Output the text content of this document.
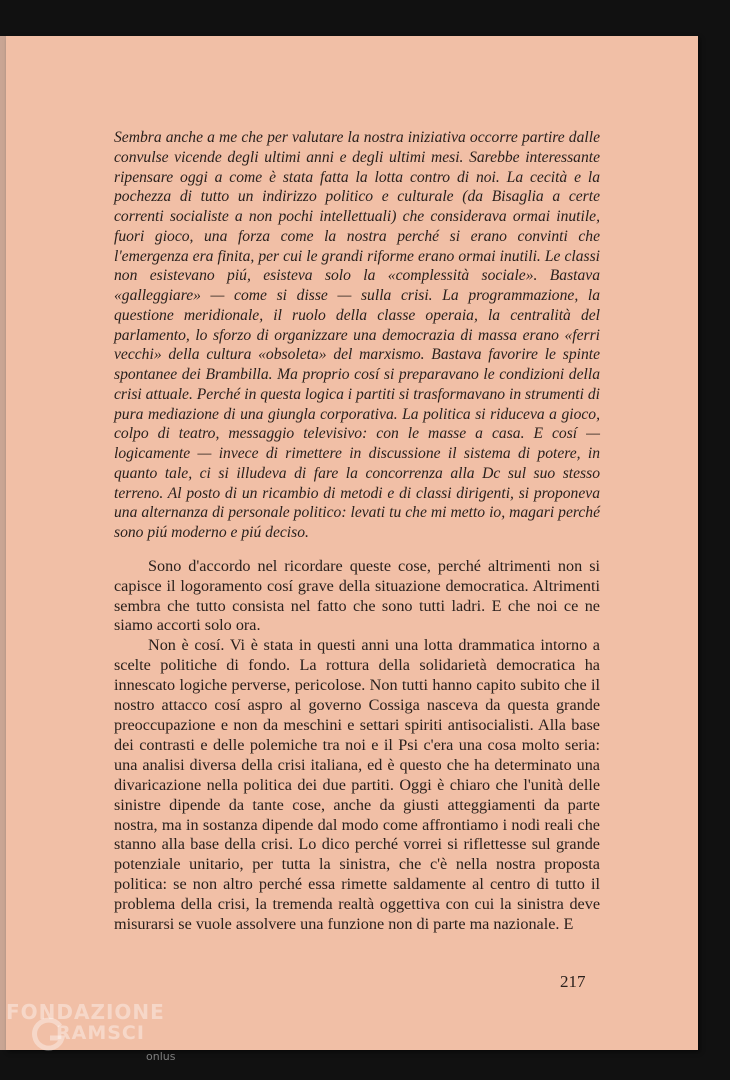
Sembra anche a me che per valutare la nostra iniziativa occorre partire dalle convulse vicende degli ultimi anni e degli ultimi mesi. Sarebbe interessante ripensare oggi a come è stata fatta la lotta contro di noi. La cecità e la pochezza di tutto un indirizzo politico e culturale (da Bisaglia a certe correnti socialiste a non pochi intellettuali) che considerava ormai inutile, fuori gioco, una forza come la nostra perché si erano convinti che l'emergenza era finita, per cui le grandi riforme erano ormai inutili. Le classi non esistevano piú, esisteva solo la «complessità sociale». Bastava «galleggiare» — come si disse — sulla crisi. La programmazione, la questione meridionale, il ruolo della classe operaia, la centralità del parlamento, lo sforzo di organizzare una democrazia di massa erano «ferri vecchi» della cultura «obsoleta» del marxismo. Bastava favorire le spinte spontanee dei Brambilla. Ma proprio cosí si preparavano le condizioni della crisi attuale. Perché in questa logica i partiti si trasformavano in strumenti di pura mediazione di una giungla corporativa. La politica si riduceva a gioco, colpo di teatro, messaggio televisivo: con le masse a casa. E cosí — logicamente — invece di rimettere in discussione il sistema di potere, in quanto tale, ci si illudeva di fare la concorrenza alla Dc sul suo stesso terreno. Al posto di un ricambio di metodi e di classi dirigenti, si proponeva una alternanza di personale politico: levati tu che mi metto io, magari perché sono piú moderno e piú deciso.

Sono d'accordo nel ricordare queste cose, perché altrimenti non si capisce il logoramento cosí grave della situazione democratica. Altrimenti sembra che tutto consista nel fatto che sono tutti ladri. E che noi ce ne siamo accorti solo ora.

Non è cosí. Vi è stata in questi anni una lotta drammatica intorno a scelte politiche di fondo. La rottura della solidarietà democratica ha innescato logiche perverse, pericolose. Non tutti hanno capito subito che il nostro attacco cosí aspro al governo Cossiga nasceva da questa grande preoccupazione e non da meschini e settari spiriti antisocialisti. Alla base dei contrasti e delle polemiche tra noi e il Psi c'era una cosa molto seria: una analisi diversa della crisi italiana, ed è questo che ha determinato una divaricazione nella politica dei due partiti. Oggi è chiaro che l'unità delle sinistre dipende da tante cose, anche da giusti atteggiamenti da parte nostra, ma in sostanza dipende dal modo come affrontiamo i nodi reali che stanno alla base della crisi. Lo dico perché vorrei si riflettesse sul grande potenziale unitario, per tutta la sinistra, che c'è nella nostra proposta politica: se non altro perché essa rimette saldamente al centro di tutto il problema della crisi, la tremenda realtà oggettiva con cui la sinistra deve misurarsi se vuole assolvere una funzione non di parte ma nazionale. E

217
FONDAZIONE
RAMSCI
onlus
